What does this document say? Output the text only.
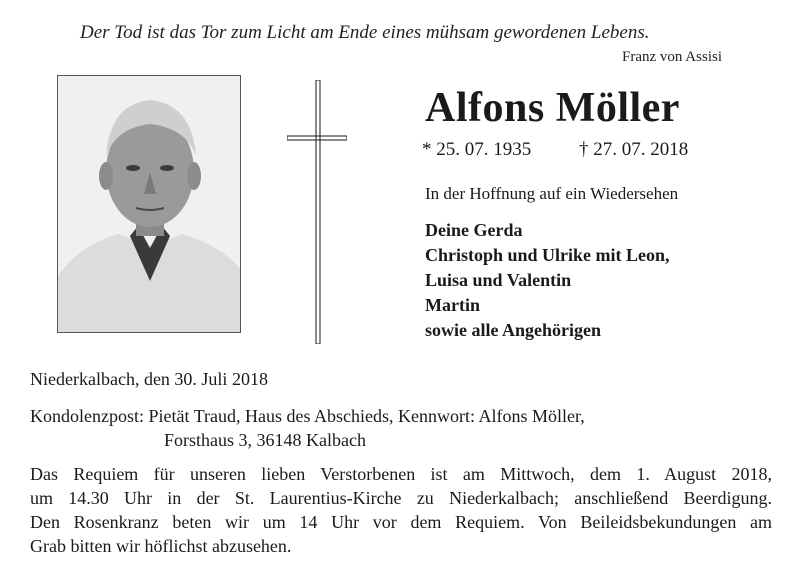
Der Tod ist das Tor zum Licht am Ende eines mühsam gewordenen Lebens.
Franz von Assisi
Alfons Möller
* 25. 07. 1935	† 27. 07. 2018
In der Hoffnung auf ein Wiedersehen
Deine Gerda
Christoph und Ulrike mit Leon,
Luisa und Valentin
Martin
sowie alle Angehörigen
Niederkalbach, den 30. Juli 2018
Kondolenzpost: Pietät Traud, Haus des Abschieds, Kennwort: Alfons Möller,
Forsthaus 3, 36148 Kalbach
Das Requiem für unseren lieben Verstorbenen ist am Mittwoch, dem 1. August 2018,
um 14.30 Uhr in der St. Laurentius-Kirche zu Niederkalbach; anschließend Beerdigung.
Den Rosenkranz beten wir um 14 Uhr vor dem Requiem. Von Beileidsbekundungen am
Grab bitten wir höflichst abzusehen.
